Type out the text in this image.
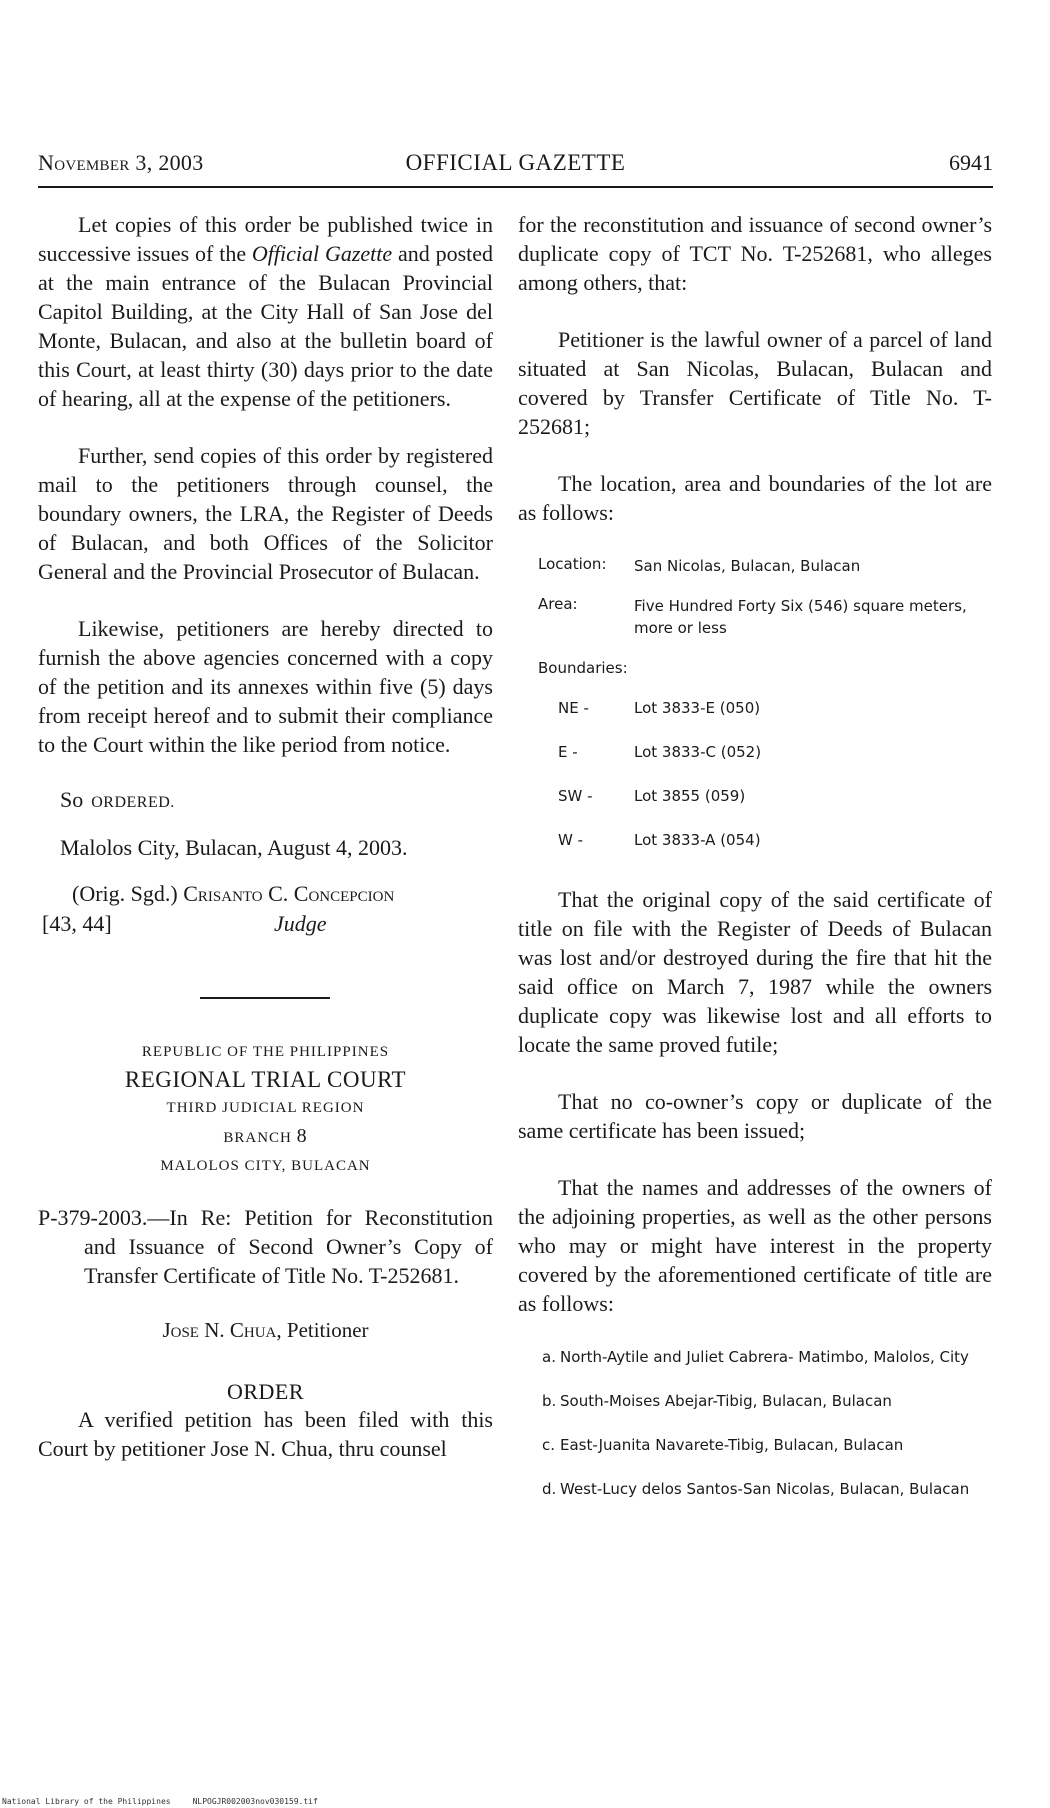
November 3, 2003	OFFICIAL GAZETTE	6941

Let copies of this order be published twice in successive issues of the Official Gazette and posted at the main entrance of the Bulacan Provincial Capitol Building, at the City Hall of San Jose del Monte, Bulacan, and also at the bulletin board of this Court, at least thirty (30) days prior to the date of hearing, all at the expense of the petitioners.

Further, send copies of this order by registered mail to the petitioners through counsel, the boundary owners, the LRA, the Register of Deeds of Bulacan, and both Offices of the Solicitor General and the Provincial Prosecutor of Bulacan.

Likewise, petitioners are hereby directed to furnish the above agencies concerned with a copy of the petition and its annexes within five (5) days from receipt hereof and to submit their compliance to the Court within the like period from notice.

So ORDERED.
Malolos City, Bulacan, August 4, 2003.
(Orig. Sgd.) Crisanto C. Concepcion
[43, 44]	Judge
REPUBLIC OF THE PHILIPPINES
REGIONAL TRIAL COURT
THIRD JUDICIAL REGION
BRANCH 8
MALOLOS CITY, BULACAN
P-379-2003.—In Re: Petition for Reconstitution and Issuance of Second Owner’s Copy of Transfer Certificate of Title No. T-252681.
Jose N. Chua, Petitioner
ORDER

A verified petition has been filed with this Court by petitioner Jose N. Chua, thru counsel

for the reconstitution and issuance of second owner’s duplicate copy of TCT No. T-252681, who alleges among others, that:

Petitioner is the lawful owner of a parcel of land situated at San Nicolas, Bulacan, Bulacan and covered by Transfer Certificate of Title No. T-252681;

The location, area and boundaries of the lot are as follows:

Location: San Nicolas, Bulacan, Bulacan
Area:	Five Hundred Forty Six (546) square meters, more or less
Boundaries:
NE -	Lot 3833-E (050)
E -	Lot 3833-C (052)
SW -	Lot 3855 (059)
W -	Lot 3833-A (054)

That the original copy of the said certificate of title on file with the Register of Deeds of Bulacan was lost and/or destroyed during the fire that hit the said office on March 7, 1987 while the owners duplicate copy was likewise lost and all efforts to locate the same proved futile;

That no co-owner’s copy or duplicate of the same certificate has been issued;

That the names and addresses of the owners of the adjoining properties, as well as the other persons who may or might have interest in the property covered by the aforementioned certificate of title are as follows:

a. North-Aytile and Juliet Cabrera- Matimbo, Malolos, City
b. South-Moises Abejar-Tibig, Bulacan, Bulacan
c. East-Juanita Navarete-Tibig, Bulacan, Bulacan
d. West-Lucy delos Santos-San Nicolas, Bulacan, Bulacan
National Library of the Philippines	NLPOGJR002003nov030159.tif
